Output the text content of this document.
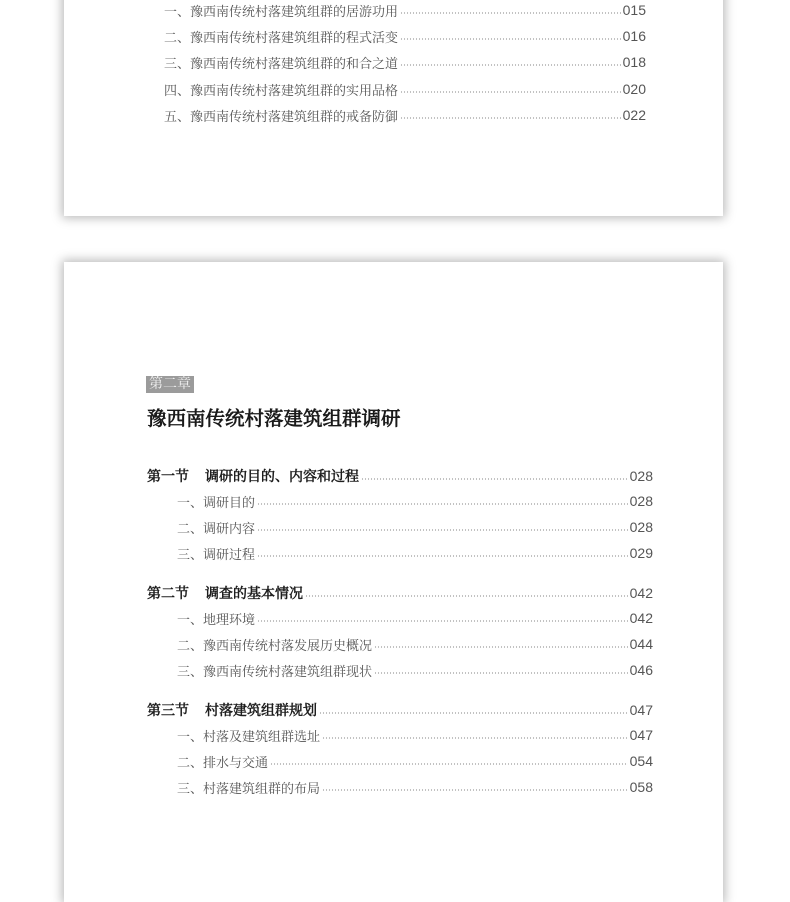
一、豫西南传统村落建筑组群的居游功用	015
二、豫西南传统村落建筑组群的程式活变	016
三、豫西南传统村落建筑组群的和合之道	018
四、豫西南传统村落建筑组群的实用品格	020
五、豫西南传统村落建筑组群的戒备防御	022
第二章
豫西南传统村落建筑组群调研
第一节 调研的目的、内容和过程	028
一、调研目的	028
二、调研内容	028
三、调研过程	029
第二节 调查的基本情况	042
一、地理环境	042
二、豫西南传统村落发展历史概况	044
三、豫西南传统村落建筑组群现状	046
第三节 村落建筑组群规划	047
一、村落及建筑组群选址	047
二、排水与交通	054
三、村落建筑组群的布局	058
